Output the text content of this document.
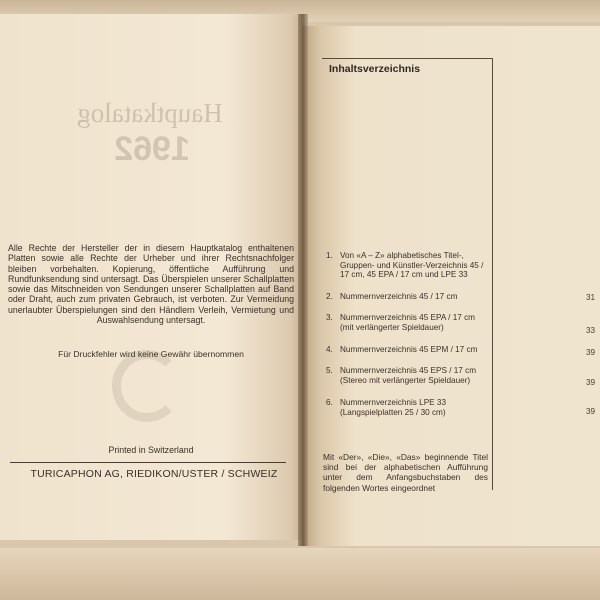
Hauptkatalog
1962
Alle Rechte der Hersteller der in diesem Hauptkatalog enthaltenen Platten sowie alle Rechte der Urheber und ihrer Rechtsnachfolger bleiben vorbehalten. Kopierung, öffentliche Aufführung und Rundfunksendung sind untersagt. Das Überspielen unserer Schallplatten sowie das Mitschneiden von Sendungen unserer Schallplatten auf Band oder Draht, auch zum privaten Gebrauch, ist verboten. Zur Vermeidung unerlaubter Überspielungen sind den Händlern Verleih, Vermietung und Auswahlsendung untersagt.
Für Druckfehler wird keine Gewähr übernommen
Printed in Switzerland
TURICAPHON AG, RIEDIKON/USTER / SCHWEIZ
Inhaltsverzeichnis
1. Von «A – Z» alphabetisches Titel-, Gruppen- und Künstler-Verzeichnis 45 / 17 cm, 45 EPA / 17 cm und LPE 33
2. Nummernverzeichnis 45 / 17 cm
3. Nummernverzeichnis 45 EPA / 17 cm (mit verlängerter Spieldauer)
4. Nummernverzeichnis 45 EPM / 17 cm
5. Nummernverzeichnis 45 EPS / 17 cm (Stereo mit verlängerter Spieldauer)
6. Nummernverzeichnis LPE 33 (Langspielplatten 25 / 30 cm)
31
33
39
39
39
Mit «Der», «Die», «Das» beginnende Titel sind bei der alphabetischen Aufführung unter dem Anfangsbuchstaben des folgenden Wortes eingeordnet
